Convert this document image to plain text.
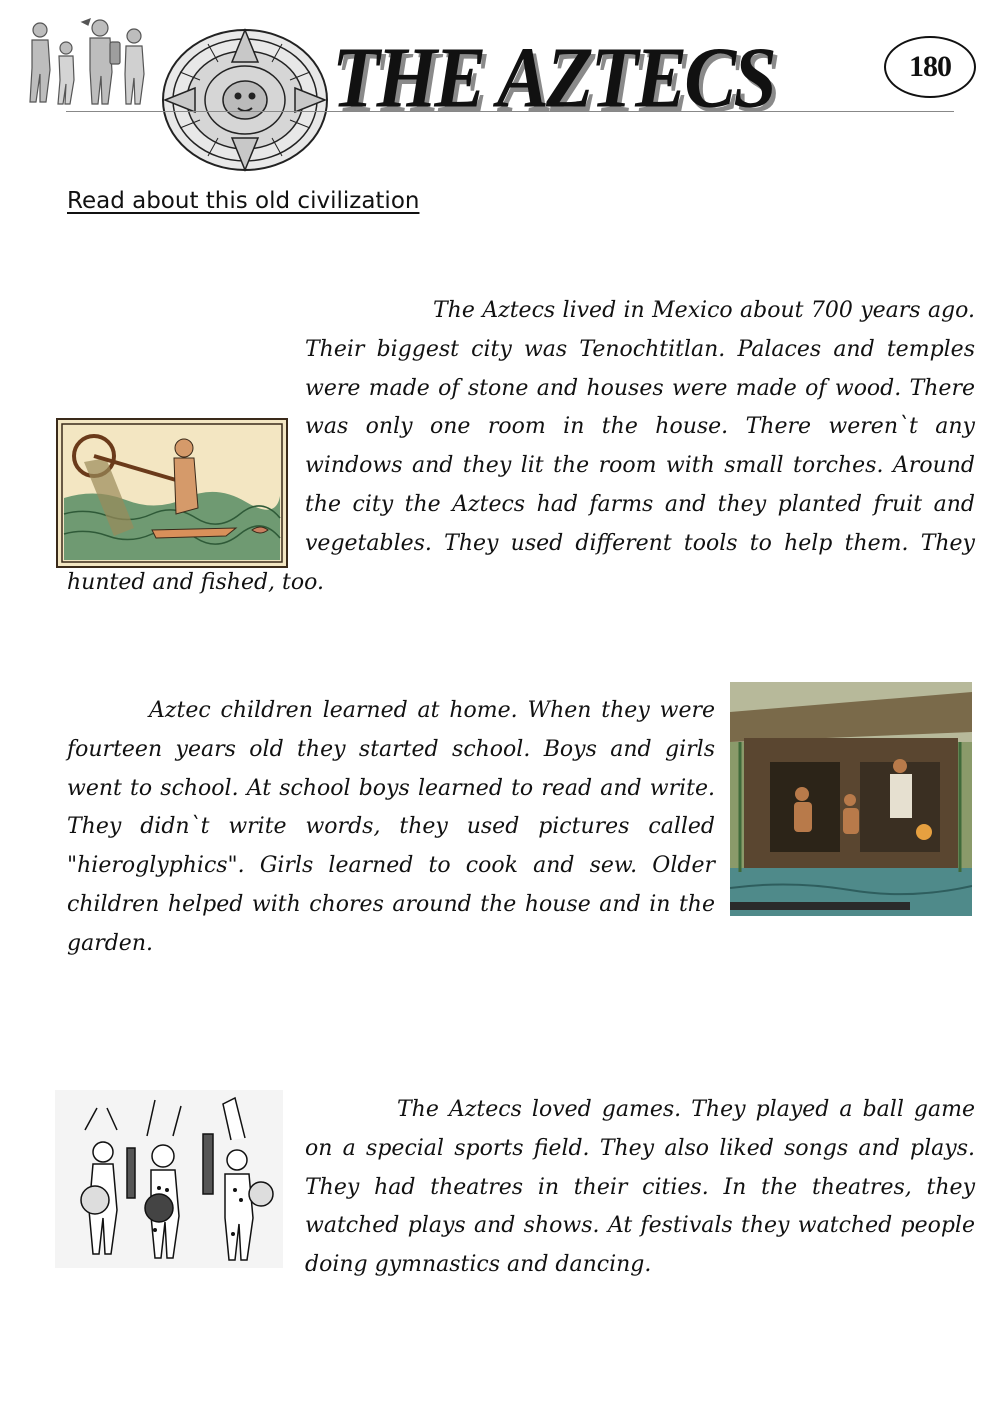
THE AZTECS	180
Read about this old civilization
The Aztecs lived in Mexico about 700 years ago. Their biggest city was Tenochtitlan. Palaces and temples were made of stone and houses were made of wood. There was only one room in the house. There weren`t any windows and they lit the room with small torches. Around the city the Aztecs had farms and they planted fruit and vegetables. They used different tools to help them. They hunted and fished, too.
Aztec children learned at home. When they were fourteen years old they started school. Boys and girls went to school. At school boys learned to read and write. They didn`t write words, they used pictures called "hieroglyphics". Girls learned to cook and sew. Older children helped with chores around the house and in the garden.
The Aztecs loved games. They played a ball game on a special sports field. They also liked songs and plays. They had theatres in their cities. In the theatres, they watched plays and shows. At festivals they watched people doing gymnastics and dancing.
